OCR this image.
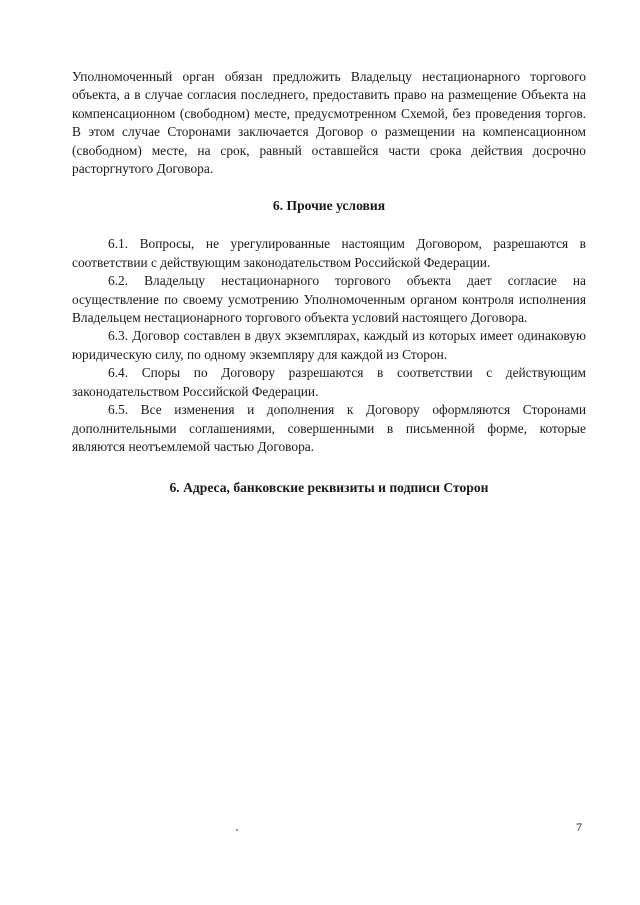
Уполномоченный орган обязан предложить Владельцу нестационарного торгового объекта, а в случае согласия последнего, предоставить право на размещение Объекта на компенсационном (свободном) месте, предусмотренном Схемой, без проведения торгов. В этом случае Сторонами заключается Договор о размещении на компенсационном (свободном) месте, на срок, равный оставшейся части срока действия досрочно расторгнутого Договора.

6. Прочие условия

6.1. Вопросы, не урегулированные настоящим Договором, разрешаются в соответствии с действующим законодательством Российской Федерации.

6.2. Владельцу нестационарного торгового объекта дает согласие на осуществление по своему усмотрению Уполномоченным органом контроля исполнения Владельцем нестационарного торгового объекта условий настоящего Договора.

6.3. Договор составлен в двух экземплярах, каждый из которых имеет одинаковую юридическую силу, по одному экземпляру для каждой из Сторон.

6.4. Споры по Договору разрешаются в соответствии с действующим законодательством Российской Федерации.

6.5. Все изменения и дополнения к Договору оформляются Сторонами дополнительными соглашениями, совершенными в письменной форме, которые являются неотъемлемой частью Договора.

6. Адреса, банковские реквизиты и подписи Сторон

7
